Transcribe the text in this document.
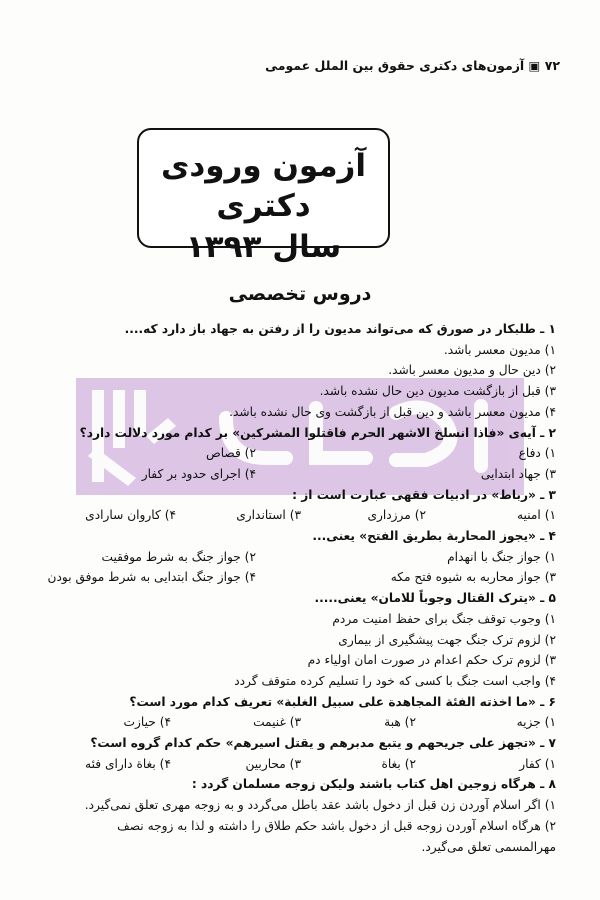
۷۲ ▣ آزمون‌های دکتری حقوق بین الملل عمومی
آزمون ورودی دکتری
سال ۱۳۹۳
دروس تخصصی
۱ ـ طلبکار در صورق که می‌تواند مدیون را از رفتن به جهاد باز دارد که....
۱) مدیون معسر باشد.
۲) دین حال و مدیون معسر باشد.
۳) قبل از بازگشت مدیون دین حال نشده باشد.
۴) مدیون معسر باشد و دین قبل از بازگشت وی حال نشده باشد.
۲ ـ آیه‌ی «فاذا انسلخ الاشهر الحرم فاقتلوا المشرکین» بر کدام مورد دلالت دارد؟
۱) دفاع
۲) قصاص
۳) جهاد ابتدایی
۴) اجرای حدود بر کفار
۳ ـ «رباط» در ادبیات فقهی عبارت است از :
۱) امنیه
۲) مرزداری
۳) استانداری
۴) کاروان سارادی
۴ ـ «یجوز المحاربة بطریق الفتح» یعنی...
۱) جواز جنگ با انهدام
۲) جواز جنگ به شرط موفقیت
۳) جواز محاربه به شیوه فتح مکه
۴) جواز جنگ ابتدایی به شرط موفق بودن
۵ ـ «یترک القتال وجوباً للامان» یعنی.....
۱) وجوب توقف جنگ برای حفظ امنیت مردم
۲) لزوم ترک جنگ جهت پیشگیری از بیماری
۳) لزوم ترک حکم اعدام در صورت امان اولیاء دم
۴) واجب است جنگ با کسی که خود را تسلیم کرده متوقف گردد
۶ ـ «ما اخذته الفئة المجاهدة علی سبیل الغلبة» تعریف کدام مورد است؟
۱) جزیه
۲) هبة
۳) غنیمت
۴) حیازت
۷ ـ «تجهز علی جریحهم و یتبع مدبرهم و یقتل اسیرهم» حکم کدام گروه است؟
۱) کفار
۲) بغاة
۳) محاربین
۴) بغاة دارای فئه
۸ ـ هرگاه زوجین اهل کتاب باشند ولیکن زوجه مسلمان گردد :
۱) اگر اسلام آوردن زن قبل از دخول باشد عقد باطل می‌گردد و به زوجه مهری تعلق نمی‌گیرد.
۲) هرگاه اسلام آوردن زوجه قبل از دخول باشد حکم طلاق را داشته و لذا به زوجه نصف
مهرالمسمی تعلق می‌گیرد.
